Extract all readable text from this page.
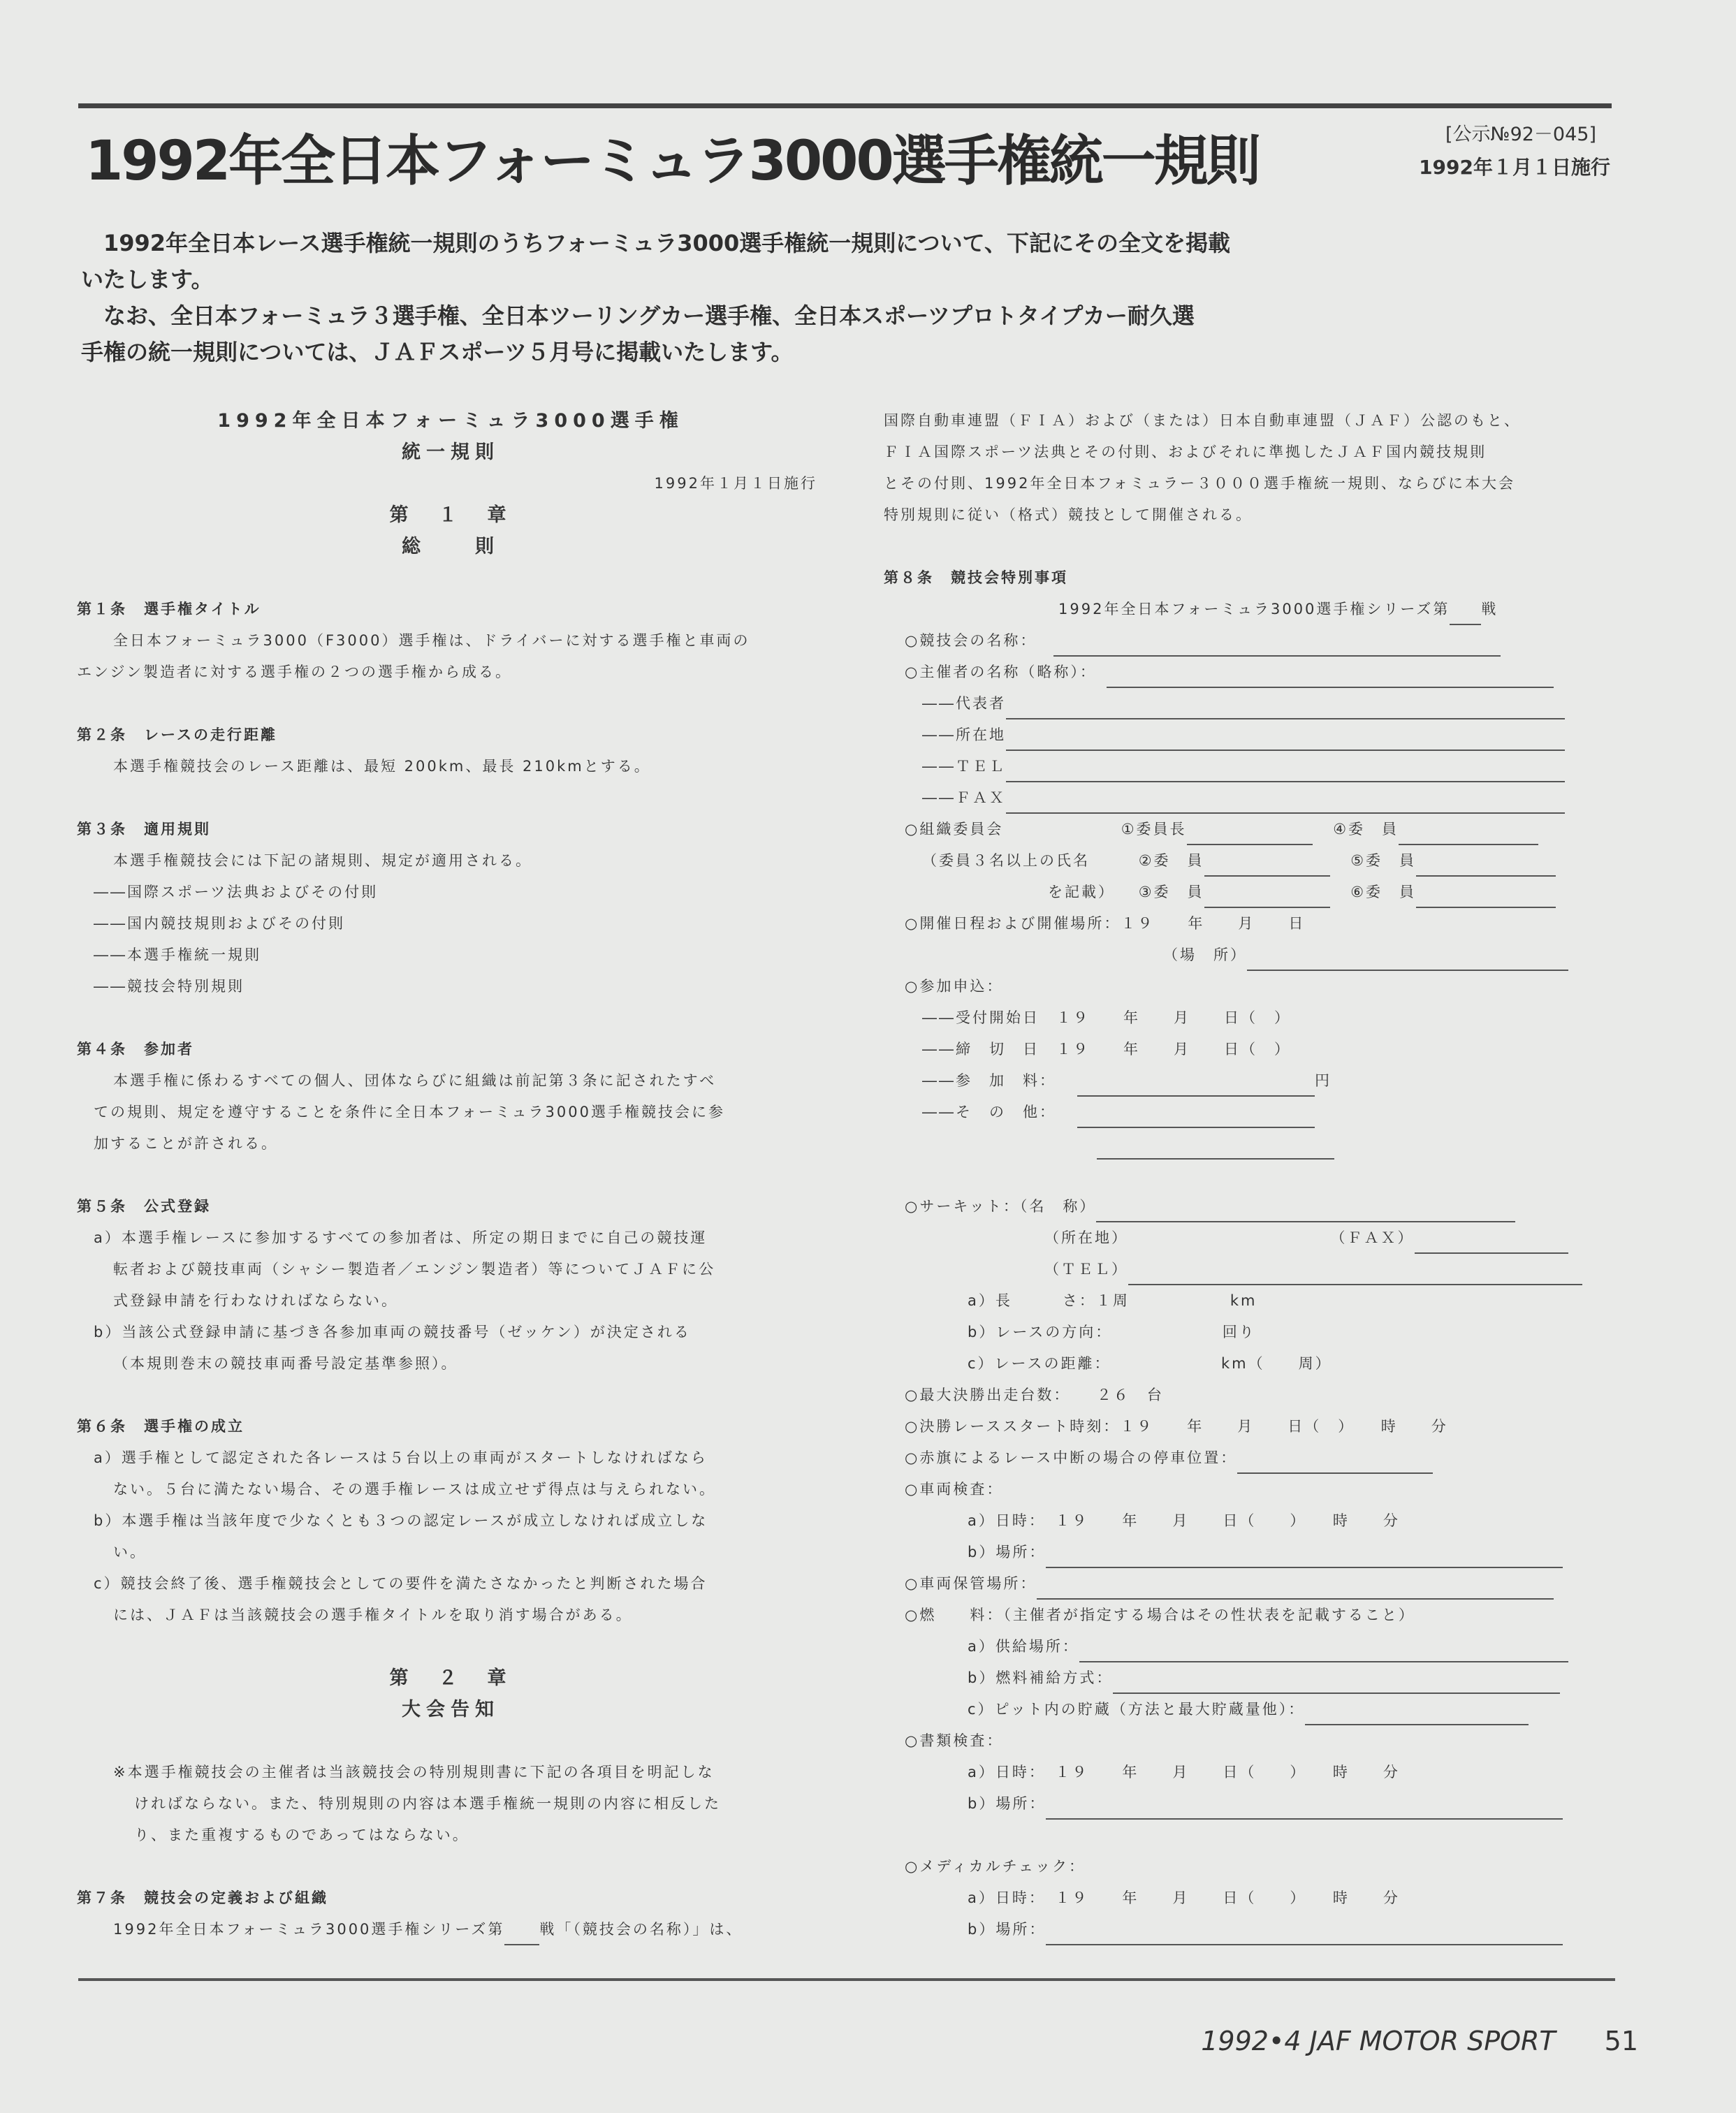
1992年全日本フォーミュラ3000選手権統一規則	[公示№92－045]
1992年１月１日施行
1992年全日本レース選手権統一規則のうちフォーミュラ3000選手権統一規則について、下記にその全文を掲載
いたします。
なお、全日本フォーミュラ３選手権、全日本ツーリングカー選手権、全日本スポーツプロトタイプカー耐久選
手権の統一規則については、ＪＡＦスポーツ５月号に掲載いたします。
1992年全日本フォーミュラ3000選手権
統一規則
1992年１月１日施行
第　１　章
総　　則
第１条　選手権タイトル
全日本フォーミュラ3000（F3000）選手権は、ドライバーに対する選手権と車両の
エンジン製造者に対する選手権の２つの選手権から成る。
第２条　レースの走行距離
本選手権競技会のレース距離は、最短 200km、最長 210kmとする。
第３条　適用規則
本選手権競技会には下記の諸規則、規定が適用される。
――国際スポーツ法典およびその付則
――国内競技規則およびその付則
――本選手権統一規則
――競技会特別規則
第４条　参加者
本選手権に係わるすべての個人、団体ならびに組織は前記第３条に記されたすべ
ての規則、規定を遵守することを条件に全日本フォーミュラ3000選手権競技会に参
加することが許される。
第５条　公式登録
a）本選手権レースに参加するすべての参加者は、所定の期日までに自己の競技運
転者および競技車両（シャシー製造者／エンジン製造者）等についてＪＡＦに公
式登録申請を行わなければならない。
b）当該公式登録申請に基づき各参加車両の競技番号（ゼッケン）が決定される
（本規則巻末の競技車両番号設定基準参照）。
第６条　選手権の成立
a）選手権として認定された各レースは５台以上の車両がスタートしなければなら
ない。５台に満たない場合、その選手権レースは成立せず得点は与えられない。
b）本選手権は当該年度で少なくとも３つの認定レースが成立しなければ成立しな
い。
c）競技会終了後、選手権競技会としての要件を満たさなかったと判断された場合
には、ＪＡＦは当該競技会の選手権タイトルを取り消す場合がある。
第　２　章
大会告知
※本選手権競技会の主催者は当該競技会の特別規則書に下記の各項目を明記しな
ければならない。また、特別規則の内容は本選手権統一規則の内容に相反した
り、また重複するものであってはならない。
第７条　競技会の定義および組織
1992年全日本フォーミュラ3000選手権シリーズ第 戦「（競技会の名称）」は、
国際自動車連盟（ＦＩＡ）および（または）日本自動車連盟（ＪＡＦ）公認のもと、
ＦＩＡ国際スポーツ法典とその付則、およびそれに準拠したＪＡＦ国内競技規則
とその付則、1992年全日本フォミュラー３０００選手権統一規則、ならびに本大会
特別規則に従い（格式）競技として開催される。
第８条　競技会特別事項
1992年全日本フォーミュラ3000選手権シリーズ第 戦
○競技会の名称：
○主催者の名称（略称）：
――代表者
――所在地
――ＴＥＬ
――ＦＡＸ
○組織委員会	①委員長	④委　員
（委員３名以上の氏名	②委　員	⑤委　員
を記載） ③委　員	⑥委　員
○開催日程および開催場所：１９　　年　　月　　日
（場　所）
○参加申込：
――受付開始日　１９　　年　　月　　日（　）
――締　切　日　１９　　年　　月　　日（　）
――参　加　料：	円
――そ　の　他：
○サーキット：（名　称）
（所在地）	（ＦＡＸ）
（ＴＥＬ）
a）長　　　さ：１周　　　　　　km
b）レースの方向：　　　　　　　回り
c）レースの距離：　　　　　　　km（　　周）
○最大決勝出走台数：　　２６　台
○決勝レーススタート時刻：１９　　年　　月　　日（　）　　時　　分
○赤旗によるレース中断の場合の停車位置：
○車両検査：
a）日時：　１９　　年　　月　　日（　　）　　時　　分
b）場所：
○車両保管場所：
○燃　　料：（主催者が指定する場合はその性状表を記載すること）
a）供給場所：
b）燃料補給方式：
c）ピット内の貯蔵（方法と最大貯蔵量他）：
○書類検査：
a）日時：　１９　　年　　月　　日（　　）　　時　　分
b）場所：
○メディカルチェック：
a）日時：　１９　　年　　月　　日（　　）　　時　　分
b）場所：
1992•4 JAF MOTOR SPORT 51
